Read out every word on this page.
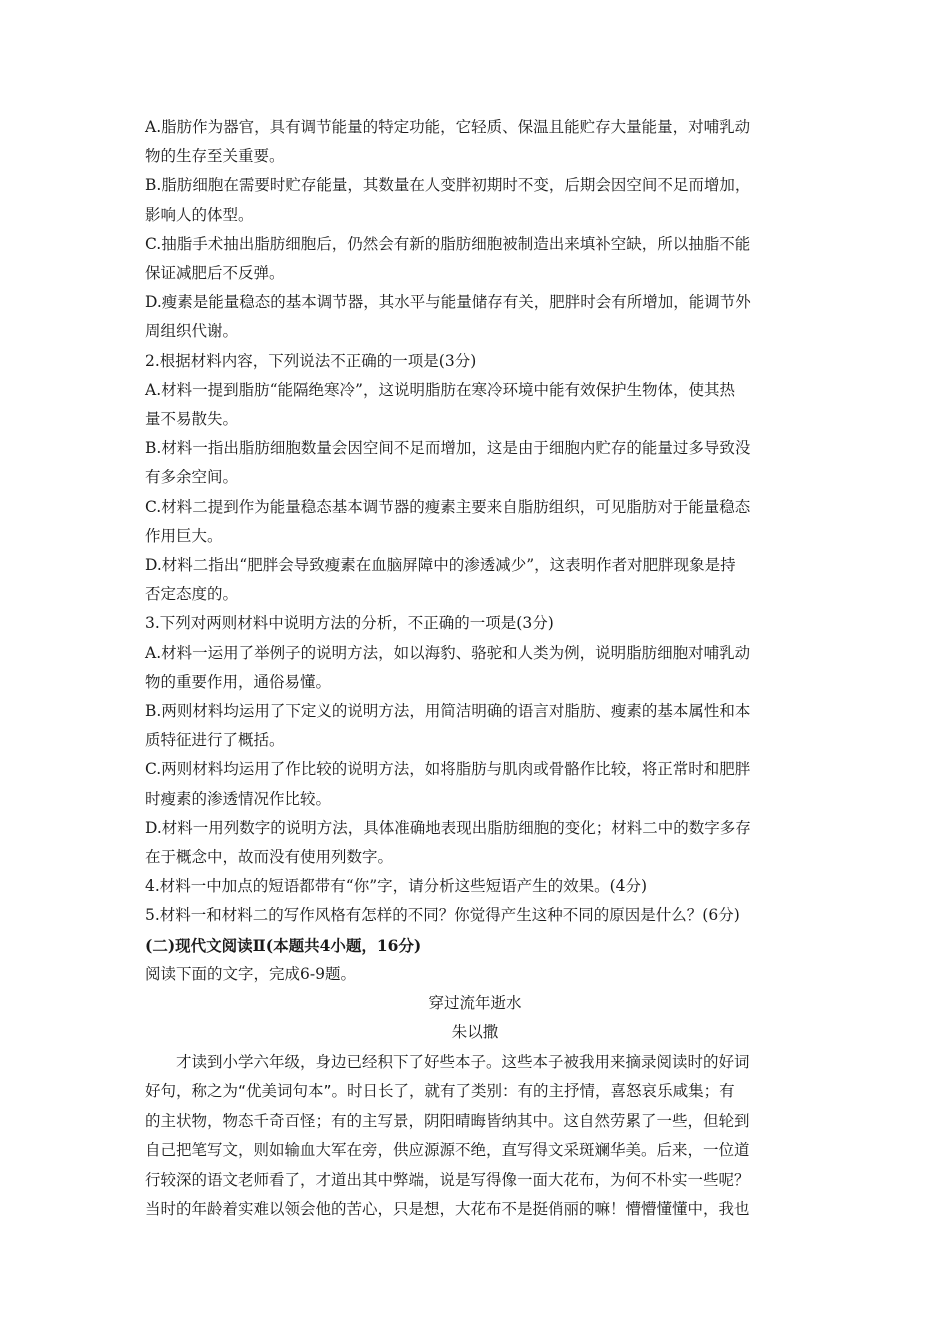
A.脂肪作为器官，具有调节能量的特定功能，它轻质、保温且能贮存大量能量，对哺乳动
物的生存至关重要。
B.脂肪细胞在需要时贮存能量，其数量在人变胖初期时不变，后期会因空间不足而增加，
影响人的体型。
C.抽脂手术抽出脂肪细胞后，仍然会有新的脂肪细胞被制造出来填补空缺，所以抽脂不能
保证减肥后不反弹。
D.瘦素是能量稳态的基本调节器，其水平与能量储存有关，肥胖时会有所增加，能调节外
周组织代谢。
2.根据材料内容，下列说法不正确的一项是(3分)
A.材料一提到脂肪“能隔绝寒冷”，这说明脂肪在寒冷环境中能有效保护生物体，使其热
量不易散失。
B.材料一指出脂肪细胞数量会因空间不足而增加，这是由于细胞内贮存的能量过多导致没
有多余空间。
C.材料二提到作为能量稳态基本调节器的瘦素主要来自脂肪组织，可见脂肪对于能量稳态
作用巨大。
D.材料二指出“肥胖会导致瘦素在血脑屏障中的渗透减少”，这表明作者对肥胖现象是持
否定态度的。
3.下列对两则材料中说明方法的分析，不正确的一项是(3分)
A.材料一运用了举例子的说明方法，如以海豹、骆驼和人类为例，说明脂肪细胞对哺乳动
物的重要作用，通俗易懂。
B.两则材料均运用了下定义的说明方法，用简洁明确的语言对脂肪、瘦素的基本属性和本
质特征进行了概括。
C.两则材料均运用了作比较的说明方法，如将脂肪与肌肉或骨骼作比较，将正常时和肥胖
时瘦素的渗透情况作比较。
D.材料一用列数字的说明方法，具体准确地表现出脂肪细胞的变化；材料二中的数字多存
在于概念中，故而没有使用列数字。
4.材料一中加点的短语都带有“你”字，请分析这些短语产生的效果。(4分)
5.材料一和材料二的写作风格有怎样的不同？你觉得产生这种不同的原因是什么？(6分)
(二)现代文阅读Ⅱ(本题共4小题，16分)
阅读下面的文字，完成6-9题。
穿过流年逝水
朱以撒
　　才读到小学六年级，身边已经积下了好些本子。这些本子被我用来摘录阅读时的好词
好句，称之为“优美词句本”。时日长了，就有了类别：有的主抒情，喜怒哀乐咸集；有
的主状物，物态千奇百怪；有的主写景，阴阳晴晦皆纳其中。这自然劳累了一些，但轮到
自己把笔写文，则如输血大军在旁，供应源源不绝，直写得文采斑斓华美。后来，一位道
行较深的语文老师看了，才道出其中弊端，说是写得像一面大花布，为何不朴实一些呢？
当时的年龄着实难以领会他的苦心，只是想，大花布不是挺俏丽的嘛！懵懵懂懂中，我也
